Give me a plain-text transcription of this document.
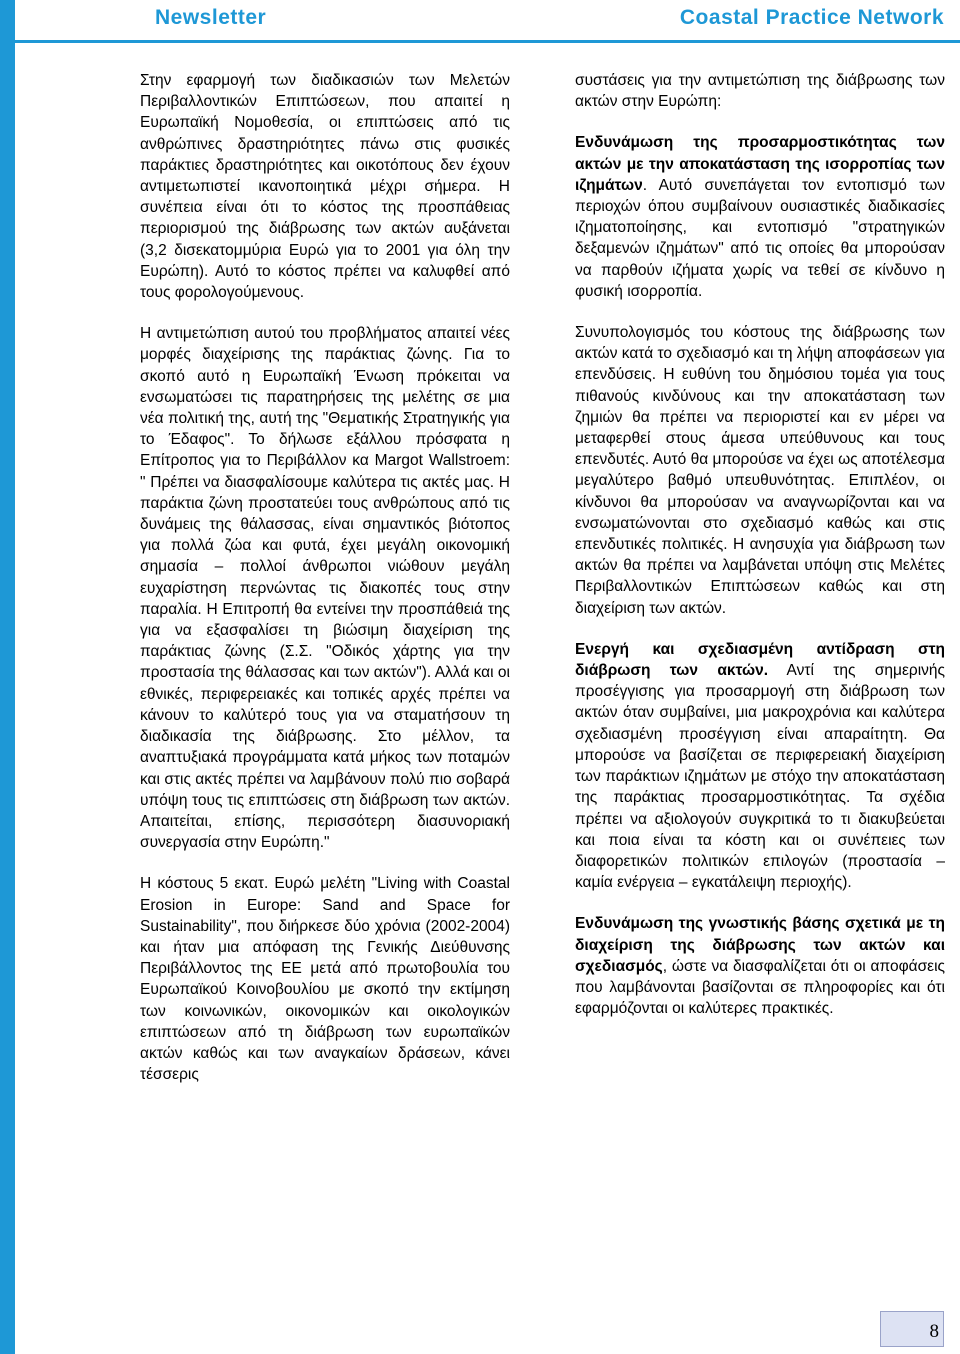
Newsletter	Coastal Practice Network

Στην εφαρμογή των διαδικασιών των Μελετών Περιβαλλοντικών Επιπτώσεων, που απαιτεί η Ευρωπαϊκή Νομοθεσία, οι επιπτώσεις από τις ανθρώπινες δραστηριότητες πάνω στις φυσικές παράκτιες δραστηριότητες και οικοτόπους δεν έχουν αντιμετωπιστεί ικανοποιητικά μέχρι σήμερα. Η συνέπεια είναι ότι το κόστος της προσπάθειας περιορισμού της διάβρωσης των ακτών αυξάνεται (3,2 δισεκατομμύρια Ευρώ για το 2001 για όλη την Ευρώπη). Αυτό το κόστος πρέπει να καλυφθεί από τους φορολογούμενους.

Η αντιμετώπιση αυτού του προβλήματος απαιτεί νέες μορφές διαχείρισης της παράκτιας ζώνης. Για το σκοπό αυτό η Ευρωπαϊκή Ένωση πρόκειται να ενσωματώσει τις παρατηρήσεις της μελέτης σε μια νέα πολιτική της, αυτή της "Θεματικής Στρατηγικής για το Έδαφος". Το δήλωσε εξάλλου πρόσφατα η Επίτροπος για το Περιβάλλον κα Margot Wallstroem: " Πρέπει να διασφαλίσουμε καλύτερα τις ακτές μας. Η παράκτια ζώνη προστατεύει τους ανθρώπους από τις δυνάμεις της θάλασσας, είναι σημαντικός βιότοπος για πολλά ζώα και φυτά, έχει μεγάλη οικονομική σημασία – πολλοί άνθρωποι νιώθουν μεγάλη ευχαρίστηση περνώντας τις διακοπές τους στην παραλία. Η Επιτροπή θα εντείνει την προσπάθειά της για να εξασφαλίσει τη βιώσιμη διαχείριση της παράκτιας ζώνης (Σ.Σ. "Οδικός χάρτης για την προστασία της θάλασσας και των ακτών"). Αλλά και οι εθνικές, περιφερειακές και τοπικές αρχές πρέπει να κάνουν το καλύτερό τους για να σταματήσουν τη διαδικασία της διάβρωσης. Στο μέλλον, τα αναπτυξιακά προγράμματα κατά μήκος των ποταμών και στις ακτές πρέπει να λαμβάνουν πολύ πιο σοβαρά υπόψη τους τις επιπτώσεις στη διάβρωση των ακτών. Απαιτείται, επίσης, περισσότερη διασυνοριακή συνεργασία στην Ευρώπη."

Η κόστους 5 εκατ. Ευρώ μελέτη "Living with Coastal Erosion in Europe: Sand and Space for Sustainability", που διήρκεσε δύο χρόνια (2002-2004) και ήταν μια απόφαση της Γενικής Διεύθυνσης Περιβάλλοντος της ΕΕ μετά από πρωτοβουλία του Ευρωπαϊκού Κοινοβουλίου με σκοπό την εκτίμηση των κοινωνικών, οικονομικών και οικολογικών επιπτώσεων από τη διάβρωση των ευρωπαϊκών ακτών καθώς και των αναγκαίων δράσεων, κάνει τέσσερις

συστάσεις για την αντιμετώπιση της διάβρωσης των ακτών στην Ευρώπη:

Ενδυνάμωση της προσαρμοστικότητας των ακτών με την αποκατάσταση της ισορροπίας των ιζημάτων. Αυτό συνεπάγεται τον εντοπισμό των περιοχών όπου συμβαίνουν ουσιαστικές διαδικασίες ιζηματοποίησης, και εντοπισμό "στρατηγικών δεξαμενών ιζημάτων" από τις οποίες θα μπορούσαν να παρθούν ιζήματα χωρίς να τεθεί σε κίνδυνο η φυσική ισορροπία.

Συνυπολογισμός του κόστους της διάβρωσης των ακτών κατά το σχεδιασμό και τη λήψη αποφάσεων για επενδύσεις. Η ευθύνη του δημόσιου τομέα για τους πιθανούς κινδύνους και την αποκατάσταση των ζημιών θα πρέπει να περιοριστεί και εν μέρει να μεταφερθεί στους άμεσα υπεύθυνους και τους επενδυτές. Αυτό θα μπορούσε να έχει ως αποτέλεσμα μεγαλύτερο βαθμό υπευθυνότητας. Επιπλέον, οι κίνδυνοι θα μπορούσαν να αναγνωρίζονται και να ενσωματώνονται στο σχεδιασμό καθώς και στις επενδυτικές πολιτικές. Η ανησυχία για διάβρωση των ακτών θα πρέπει να λαμβάνεται υπόψη στις Μελέτες Περιβαλλοντικών Επιπτώσεων καθώς και στη διαχείριση των ακτών.

Ενεργή και σχεδιασμένη αντίδραση στη διάβρωση των ακτών. Αντί της σημερινής προσέγγισης για προσαρμογή στη διάβρωση των ακτών όταν συμβαίνει, μια μακροχρόνια και καλύτερα σχεδιασμένη προσέγγιση είναι απαραίτητη. Θα μπορούσε να βασίζεται σε περιφερειακή διαχείριση των παράκτιων ιζημάτων με στόχο την αποκατάσταση της παράκτιας προσαρμοστικότητας. Τα σχέδια πρέπει να αξιολογούν συγκριτικά το τι διακυβεύεται και ποια είναι τα κόστη και οι συνέπειες των διαφορετικών πολιτικών επιλογών (προστασία – καμία ενέργεια – εγκατάλειψη περιοχής).

Ενδυνάμωση της γνωστικής βάσης σχετικά με τη διαχείριση της διάβρωσης των ακτών και σχεδιασμός, ώστε να διασφαλίζεται ότι οι αποφάσεις που λαμβάνονται βασίζονται σε πληροφορίες και ότι εφαρμόζονται οι καλύτερες πρακτικές.

8
